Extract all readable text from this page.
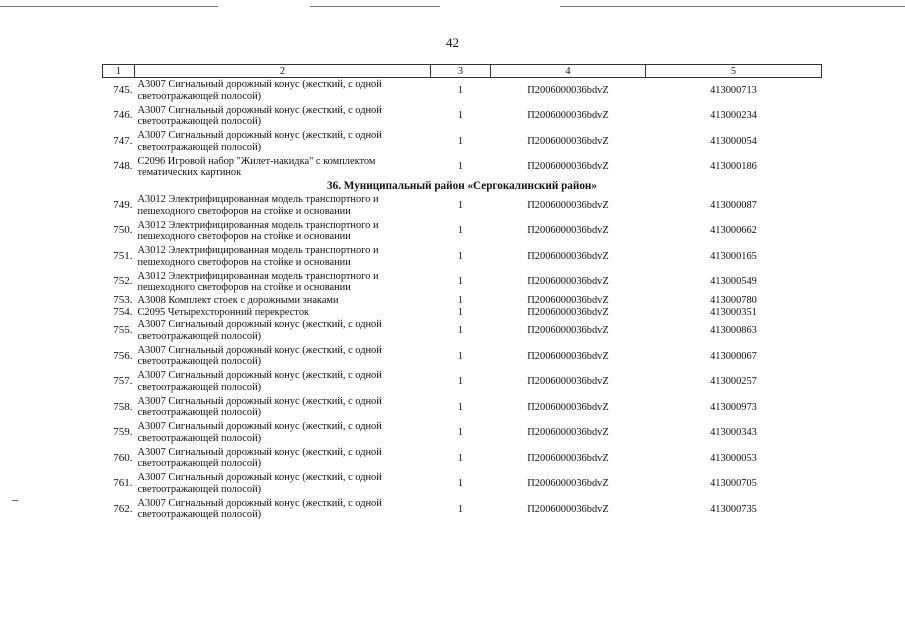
42
1	2	3	4	5
745.	А3007 Сигнальный дорожный конус (жесткий, с одной светоотражающей полосой)	1	П2006000036bdvZ	413000713
746.	А3007 Сигнальный дорожный конус (жесткий, с одной светоотражающей полосой)	1	П2006000036bdvZ	413000234
747.	А3007 Сигнальный дорожный конус (жесткий, с одной светоотражающей полосой)	1	П2006000036bdvZ	413000054
748.	С2096 Игровой набор "Жилет-накидка" с комплектом тематических картинок	1	П2006000036bdvZ	413000186
36. Муниципальный район «Сергокалинский район»				
749.	А3012 Электрифицированная модель транспортного и пешеходного светофоров на стойке и основании	1	П2006000036bdvZ	413000087
750.	А3012 Электрифицированная модель транспортного и пешеходного светофоров на стойке и основании	1	П2006000036bdvZ	413000662
751.	А3012 Электрифицированная модель транспортного и пешеходного светофоров на стойке и основании	1	П2006000036bdvZ	413000165
752.	А3012 Электрифицированная модель транспортного и пешеходного светофоров на стойке и основании	1	П2006000036bdvZ	413000549
753.	А3008 Комплект стоек с дорожными знаками	1	П2006000036bdvZ	413000780
754.	С2095 Четырехсторонний перекресток	1	П2006000036bdvZ	413000351
755.	А3007 Сигнальный дорожный конус (жесткий, с одной светоотражающей полосой)	1	П2006000036bdvZ	413000863
756.	А3007 Сигнальный дорожный конус (жесткий, с одной светоотражающей полосой)	1	П2006000036bdvZ	413000067
757.	А3007 Сигнальный дорожный конус (жесткий, с одной светоотражающей полосой)	1	П2006000036bdvZ	413000257
758.	А3007 Сигнальный дорожный конус (жесткий, с одной светоотражающей полосой)	1	П2006000036bdvZ	413000973
759.	А3007 Сигнальный дорожный конус (жесткий, с одной светоотражающей полосой)	1	П2006000036bdvZ	413000343
760.	А3007 Сигнальный дорожный конус (жесткий, с одной светоотражающей полосой)	1	П2006000036bdvZ	413000053
761.	А3007 Сигнальный дорожный конус (жесткий, с одной светоотражающей полосой)	1	П2006000036bdvZ	413000705
762.	А3007 Сигнальный дорожный конус (жесткий, с одной светоотражающей полосой)	1	П2006000036bdvZ	413000735
